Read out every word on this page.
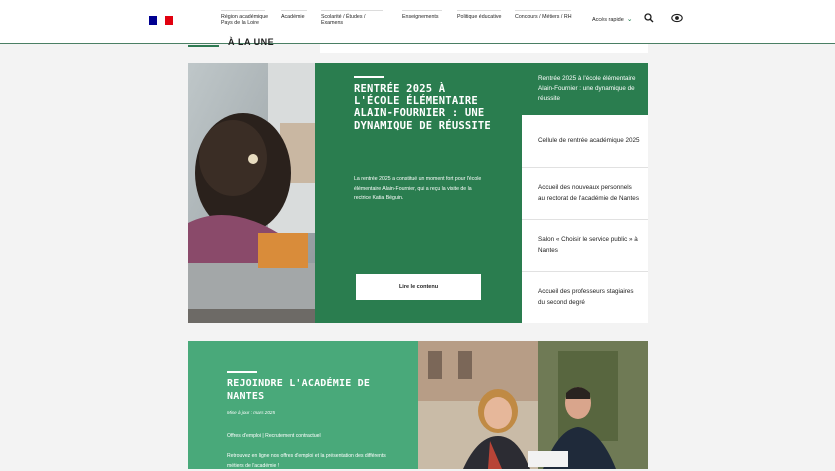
Région académique Pays de la Loire
Académie	Scolarité / Études / Examens
Enseignements	Politique éducative	Concours / Métiers / RH	Accès rapide ⌄
À LA UNE
RENTRÉE 2025 À L'ÉCOLE ÉLÉMENTAIRE ALAIN-FOURNIER : UNE DYNAMIQUE DE RÉUSSITE
La rentrée 2025 a constitué un moment fort pour l'école élémentaire Alain-Fournier, qui a reçu la visite de la rectrice Katia Béguin.
Lire le contenu
Rentrée 2025 à l'école élémentaire Alain-Fournier : une dynamique de réussite
Cellule de rentrée académique 2025
Accueil des nouveaux personnels au rectorat de l'académie de Nantes
Salon « Choisir le service public » à Nantes
Accueil des professeurs stagiaires du second degré
REJOINDRE L'ACADÉMIE DE NANTES
Mise à jour : mars 2025
Offres d'emploi | Recrutement contractuel
Retrouvez en ligne nos offres d'emploi et la présentation des différents métiers de l'académie !
